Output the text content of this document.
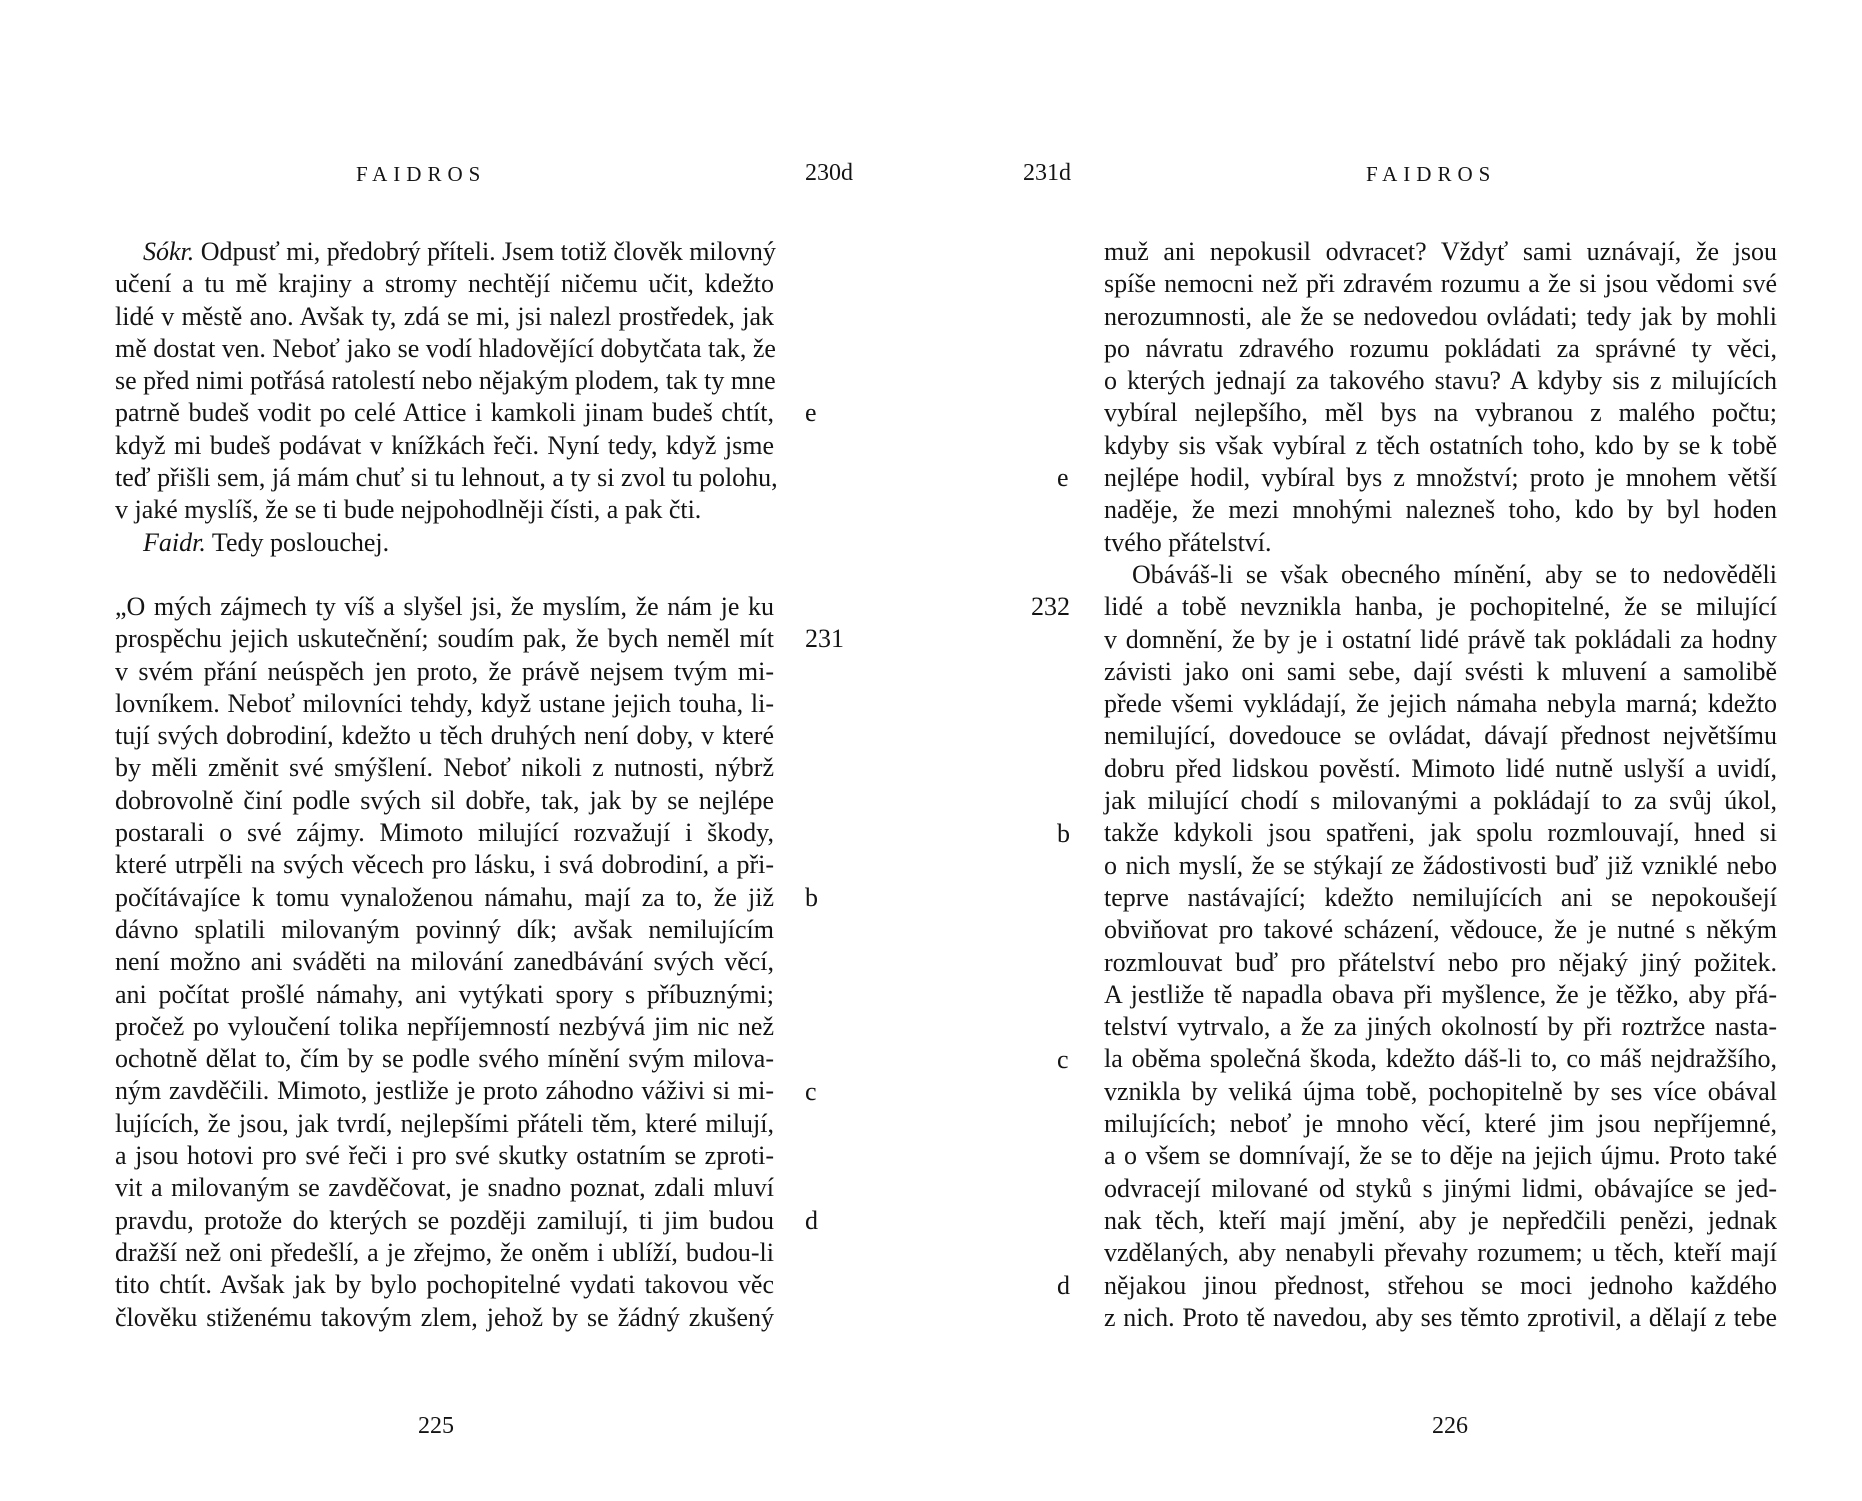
FAIDROS	230d
Sókr. Odpusť mi, předobrý příteli. Jsem totiž člověk milovný
učení a tu mě krajiny a stromy nechtějí ničemu učit, kdežto
lidé v městě ano. Avšak ty, zdá se mi, jsi nalezl prostředek, jak
mě dostat ven. Neboť jako se vodí hladovějící dobytčata tak, že
se před nimi potřásá ratolestí nebo nějakým plodem, tak ty mne
patrně budeš vodit po celé Attice i kamkoli jinam budeš chtít,
když mi budeš podávat v knížkách řeči. Nyní tedy, když jsme
teď přišli sem, já mám chuť si tu lehnout, a ty si zvol tu polohu,
v jaké myslíš, že se ti bude nejpohodlněji čísti, a pak čti.
Faidr. Tedy poslouchej.
„O mých zájmech ty víš a slyšel jsi, že myslím, že nám je ku
prospěchu jejich uskutečnění; soudím pak, že bych neměl mít
v svém přání neúspěch jen proto, že právě nejsem tvým mi-
lovníkem. Neboť milovníci tehdy, když ustane jejich touha, li-
tují svých dobrodiní, kdežto u těch druhých není doby, v které
by měli změnit své smýšlení. Neboť nikoli z nutnosti, nýbrž
dobrovolně činí podle svých sil dobře, tak, jak by se nejlépe
postarali o své zájmy. Mimoto milující rozvažují i škody,
které utrpěli na svých věcech pro lásku, i svá dobrodiní, a při-
počítávajíce k tomu vynaloženou námahu, mají za to, že již
dávno splatili milovaným povinný dík; avšak nemilujícím
není možno ani sváděti na milování zanedbávání svých věcí,
ani počítat prošlé námahy, ani vytýkati spory s příbuznými;
pročež po vyloučení tolika nepříjemností nezbývá jim nic než
ochotně dělat to, čím by se podle svého mínění svým milova-
ným zavděčili. Mimoto, jestliže je proto záhodno váživi si mi-
lujících, že jsou, jak tvrdí, nejlepšími přáteli těm, které milují,
a jsou hotovi pro své řeči i pro své skutky ostatním se zproti-
vit a milovaným se zavděčovat, je snadno poznat, zdali mluví
pravdu, protože do kterých se později zamilují, ti jim budou
dražší než oni předešlí, a je zřejmo, že oněm i ublíží, budou-li
tito chtít. Avšak jak by bylo pochopitelné vydati takovou věc
člověku stiženému takovým zlem, jehož by se žádný zkušený
e
231
b
c
d
225
231d	FAIDROS
muž ani nepokusil odvracet? Vždyť sami uznávají, že jsou
spíše nemocni než při zdravém rozumu a že si jsou vědomi své
nerozumnosti, ale že se nedovedou ovládati; tedy jak by mohli
po návratu zdravého rozumu pokládati za správné ty věci,
o kterých jednají za takového stavu? A kdyby sis z milujících
vybíral nejlepšího, měl bys na vybranou z malého počtu;
kdyby sis však vybíral z těch ostatních toho, kdo by se k tobě
nejlépe hodil, vybíral bys z množství; proto je mnohem větší
naděje, že mezi mnohými nalezneš toho, kdo by byl hoden
tvého přátelství.
Obáváš-li se však obecného mínění, aby se to nedověděli
lidé a tobě nevznikla hanba, je pochopitelné, že se milující
v domnění, že by je i ostatní lidé právě tak pokládali za hodny
závisti jako oni sami sebe, dají svésti k mluvení a samolibě
přede všemi vykládají, že jejich námaha nebyla marná; kdežto
nemilující, dovedouce se ovládat, dávají přednost největšímu
dobru před lidskou pověstí. Mimoto lidé nutně uslyší a uvidí,
jak milující chodí s milovanými a pokládají to za svůj úkol,
takže kdykoli jsou spatřeni, jak spolu rozmlouvají, hned si
o nich myslí, že se stýkají ze žádostivosti buď již vzniklé nebo
teprve nastávající; kdežto nemilujících ani se nepokoušejí
obviňovat pro takové scházení, vědouce, že je nutné s někým
rozmlouvat buď pro přátelství nebo pro nějaký jiný požitek.
A jestliže tě napadla obava při myšlence, že je těžko, aby přá-
telství vytrvalo, a že za jiných okolností by při roztržce nasta-
la oběma společná škoda, kdežto dáš-li to, co máš nejdražšího,
vznikla by veliká újma tobě, pochopitelně by ses více obával
milujících; neboť je mnoho věcí, které jim jsou nepříjemné,
a o všem se domnívají, že se to děje na jejich újmu. Proto také
odvracejí milované od styků s jinými lidmi, obávajíce se jed-
nak těch, kteří mají jmění, aby je nepředčili penězi, jednak
vzdělaných, aby nenabyli převahy rozumem; u těch, kteří mají
nějakou jinou přednost, střehou se moci jednoho každého
z nich. Proto tě navedou, aby ses těmto zprotivil, a dělají z tebe
e
232
b
c
d
226
